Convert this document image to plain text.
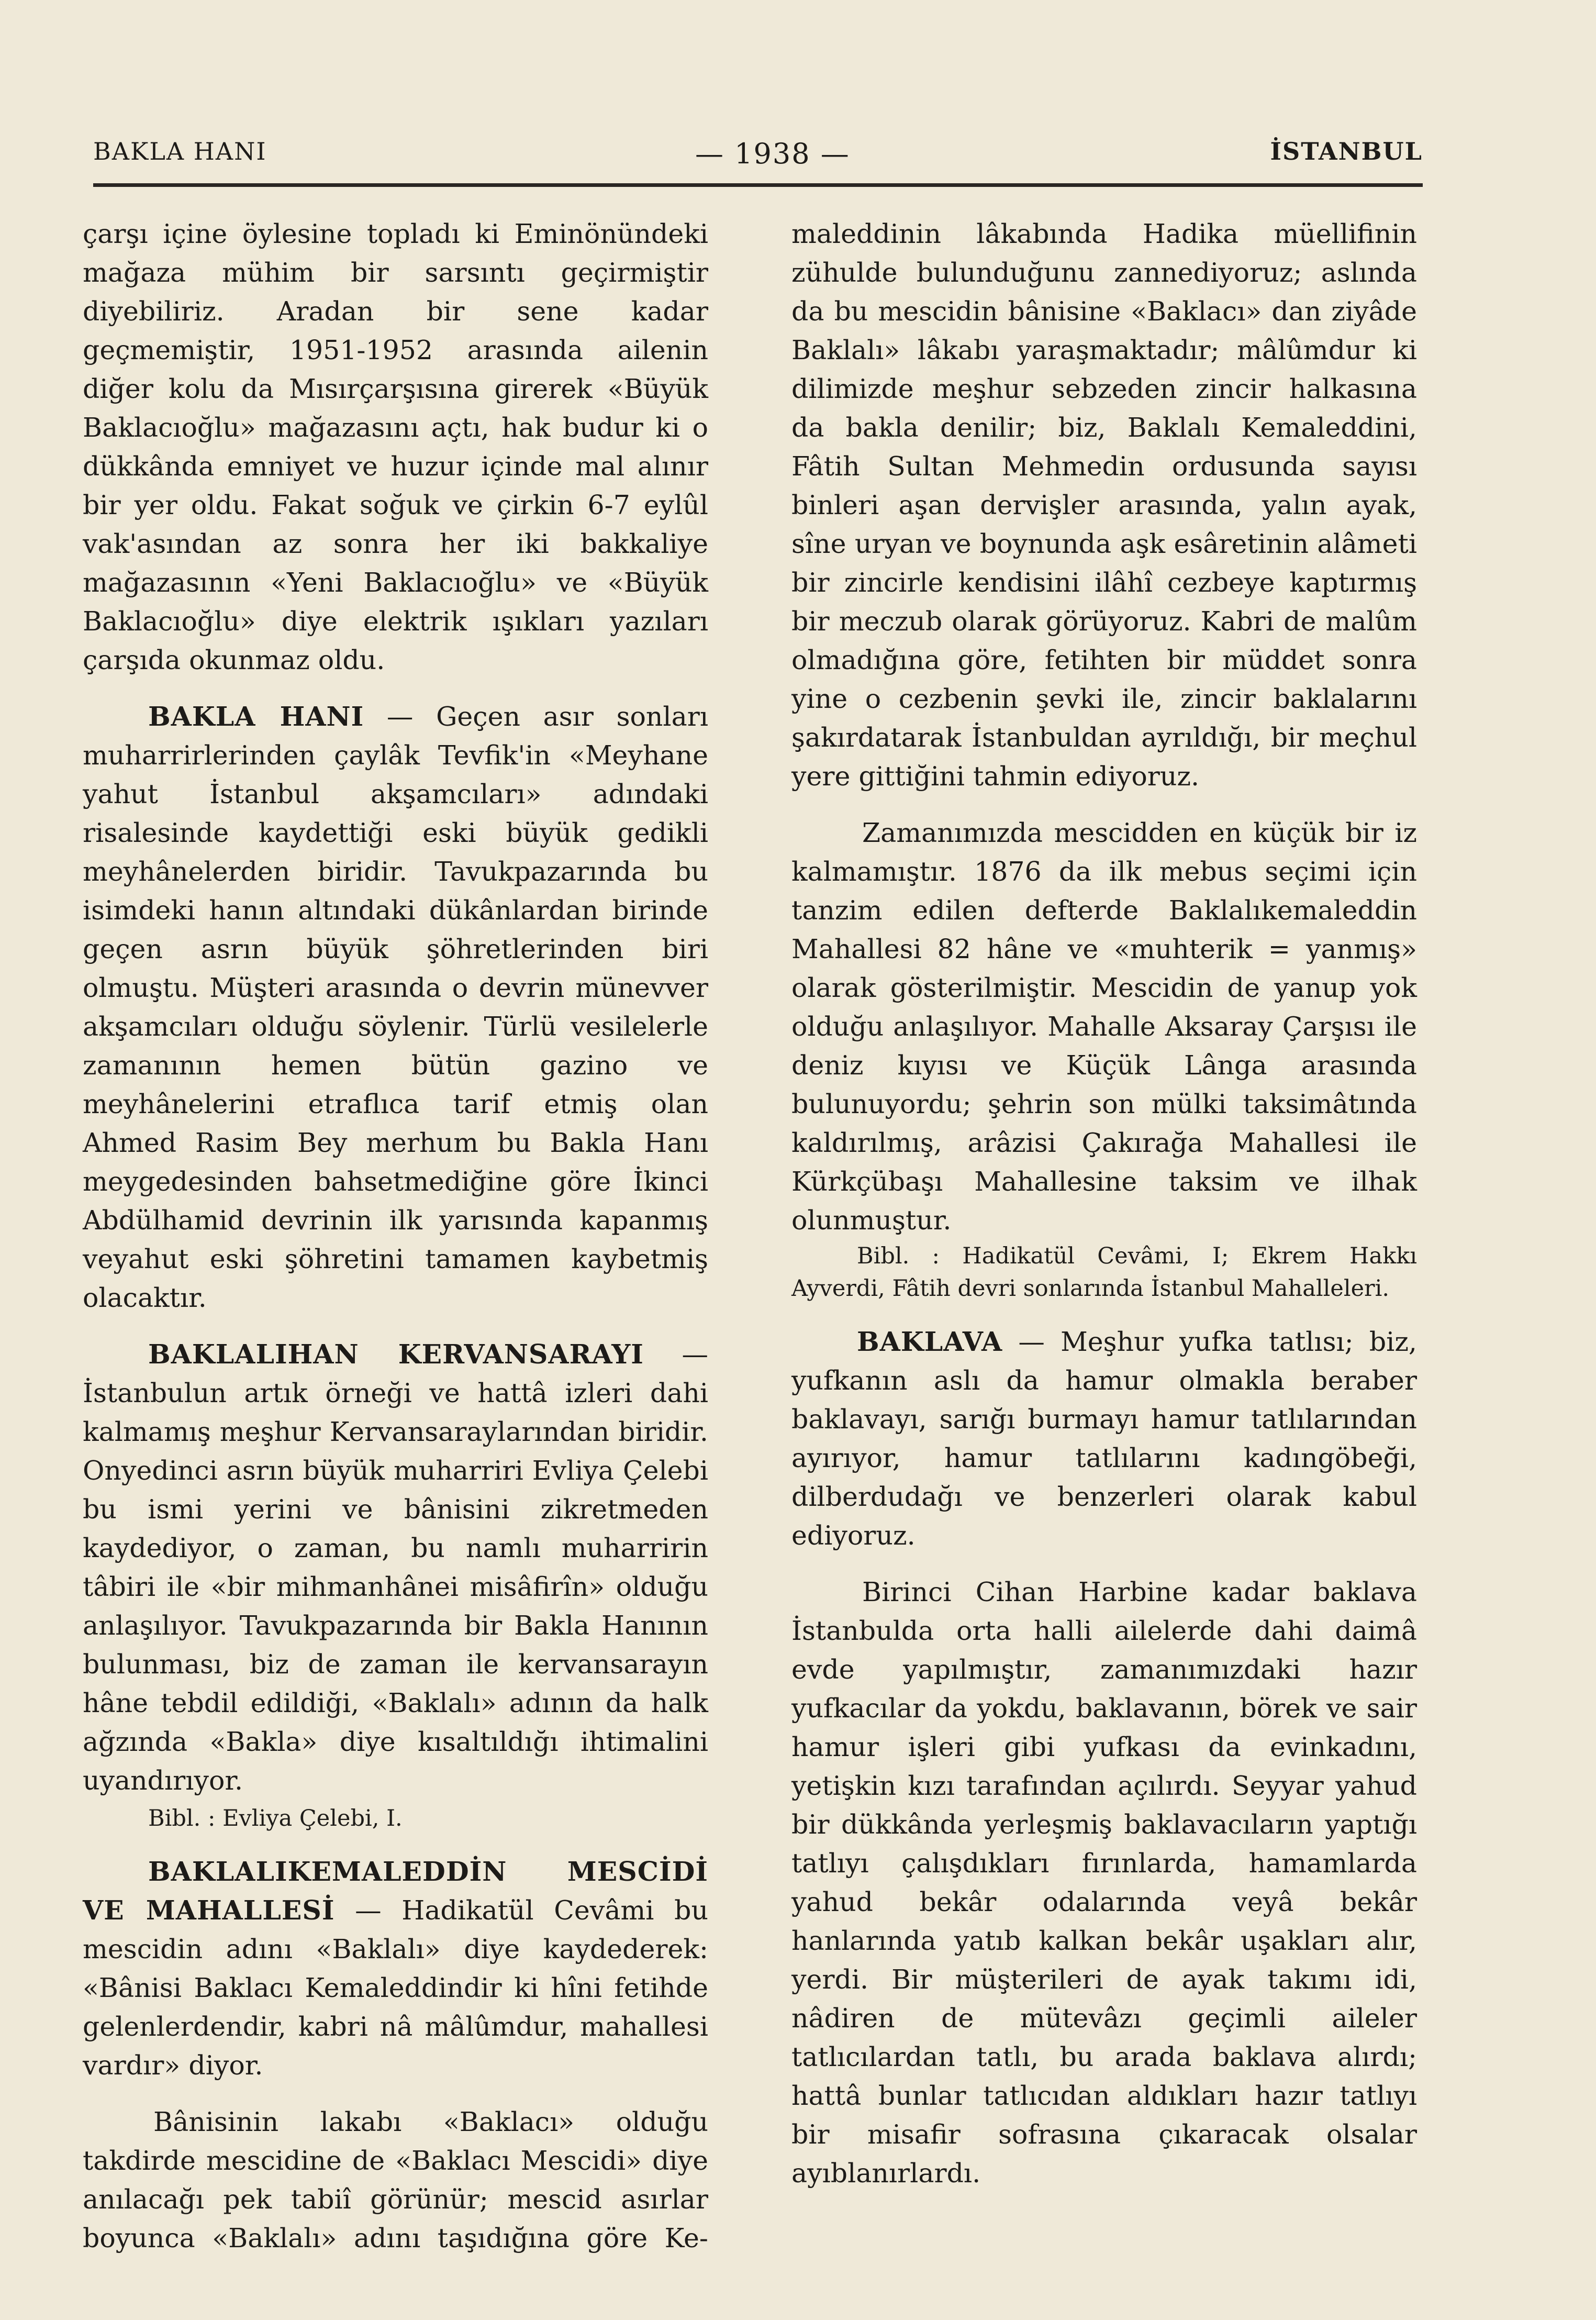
BAKLA HANI	— 1938 —	İSTANBUL

çarşı içine öylesine topladı ki Eminönündeki mağaza mühim bir sarsıntı geçirmiştir diyebiliriz. Aradan bir sene kadar geçmemiştir, 1951-1952 arasında ailenin diğer kolu da Mısırçarşısına girerek «Büyük Baklacıoğlu» mağazasını açtı, hak budur ki o dükkânda emniyet ve huzur içinde mal alınır bir yer oldu. Fakat soğuk ve çirkin 6-7 eylûl vak'asından az sonra her iki bakkaliye mağazasının «Yeni Baklacıoğlu» ve «Büyük Baklacıoğlu» diye elektrik ışıkları yazıları çarşıda okunmaz oldu.

BAKLA HANI — Geçen asır sonları muharrirlerinden çaylâk Tevfik'in «Meyhane yahut İstanbul akşamcıları» adındaki risalesinde kaydettiği eski büyük gedikli meyhânelerden biridir. Tavukpazarında bu isimdeki hanın altındaki dükânlardan birinde geçen asrın büyük şöhretlerinden biri olmuştu. Müşteri arasında o devrin münevver akşamcıları olduğu söylenir. Türlü vesilelerle zamanının hemen bütün gazino ve meyhânelerini etraflıca tarif etmiş olan Ahmed Rasim Bey merhum bu Bakla Hanı meygedesinden bahsetmediğine göre İkinci Abdülhamid devrinin ilk yarısında kapanmış veyahut eski şöhretini tamamen kaybetmiş olacaktır.

BAKLALIHAN KERVANSARAYI — İstanbulun artık örneği ve hattâ izleri dahi kalmamış meşhur Kervansaraylarından biridir. Onyedinci asrın büyük muharriri Evliya Çelebi bu ismi yerini ve bânisini zikretmeden kaydediyor, o zaman, bu namlı muharririn tâbiri ile «bir mihmanhânei misâfirîn» olduğu anlaşılıyor. Tavukpazarında bir Bakla Hanının bulunması, biz de zaman ile kervansarayın hâne tebdil edildiği, «Baklalı» adının da halk ağzında «Bakla» diye kısaltıldığı ihtimalini uyandırıyor.

Bibl. : Evliya Çelebi, I.

BAKLALIKEMALEDDİN MESCİDİ VE MAHALLESİ — Hadikatül Cevâmi bu mescidin adını «Baklalı» diye kaydederek: «Bânisi Baklacı Kemaleddindir ki hîni fetihde gelenlerdendir, kabri nâ mâlûmdur, mahallesi vardır» diyor.

Bânisinin lakabı «Baklacı» olduğu takdirde mescidine de «Baklacı Mescidi» diye anılacağı pek tabiî görünür; mescid asırlar boyunca «Baklalı» adını taşıdığına göre Ke-

maleddinin lâkabında Hadika müellifinin zühulde bulunduğunu zannediyoruz; aslında da bu mescidin bânisine «Baklacı» dan ziyâde Baklalı» lâkabı yaraşmaktadır; mâlûmdur ki dilimizde meşhur sebzeden zincir halkasına da bakla denilir; biz, Baklalı Kemaleddini, Fâtih Sultan Mehmedin ordusunda sayısı binleri aşan dervişler arasında, yalın ayak, sîne uryan ve boynunda aşk esâretinin alâmeti bir zincirle kendisini ilâhî cezbeye kaptırmış bir meczub olarak görüyoruz. Kabri de malûm olmadığına göre, fetihten bir müddet sonra yine o cezbenin şevki ile, zincir baklalarını şakırdatarak İstanbuldan ayrıldığı, bir meçhul yere gittiğini tahmin ediyoruz.

Zamanımızda mescidden en küçük bir iz kalmamıştır. 1876 da ilk mebus seçimi için tanzim edilen defterde Baklalıkemaleddin Mahallesi 82 hâne ve «muhterik = yanmış» olarak gösterilmiştir. Mescidin de yanup yok olduğu anlaşılıyor. Mahalle Aksaray Çarşısı ile deniz kıyısı ve Küçük Lânga arasında bulunuyordu; şehrin son mülki taksimâtında kaldırılmış, arâzisi Çakırağa Mahallesi ile Kürkçübaşı Mahallesine taksim ve ilhak olunmuştur.

Bibl. : Hadikatül Cevâmi, I; Ekrem Hakkı Ayverdi, Fâtih devri sonlarında İstanbul Mahalleleri.

BAKLAVA — Meşhur yufka tatlısı; biz, yufkanın aslı da hamur olmakla beraber baklavayı, sarığı burmayı hamur tatlılarından ayırıyor, hamur tatlılarını kadıngöbeği, dilberdudağı ve benzerleri olarak kabul ediyoruz.

Birinci Cihan Harbine kadar baklava İstanbulda orta halli ailelerde dahi daimâ evde yapılmıştır, zamanımızdaki hazır yufkacılar da yokdu, baklavanın, börek ve sair hamur işleri gibi yufkası da evinkadını, yetişkin kızı tarafından açılırdı. Seyyar yahud bir dükkânda yerleşmiş baklavacıların yaptığı tatlıyı çalışdıkları fırınlarda, hamamlarda yahud bekâr odalarında veyâ bekâr hanlarında yatıb kalkan bekâr uşakları alır, yerdi. Bir müşterileri de ayak takımı idi, nâdiren de mütevâzı geçimli aileler tatlıcılardan tatlı, bu arada baklava alırdı; hattâ bunlar tatlıcıdan aldıkları hazır tatlıyı bir misafir sofrasına çıkaracak olsalar ayıblanırlardı.
